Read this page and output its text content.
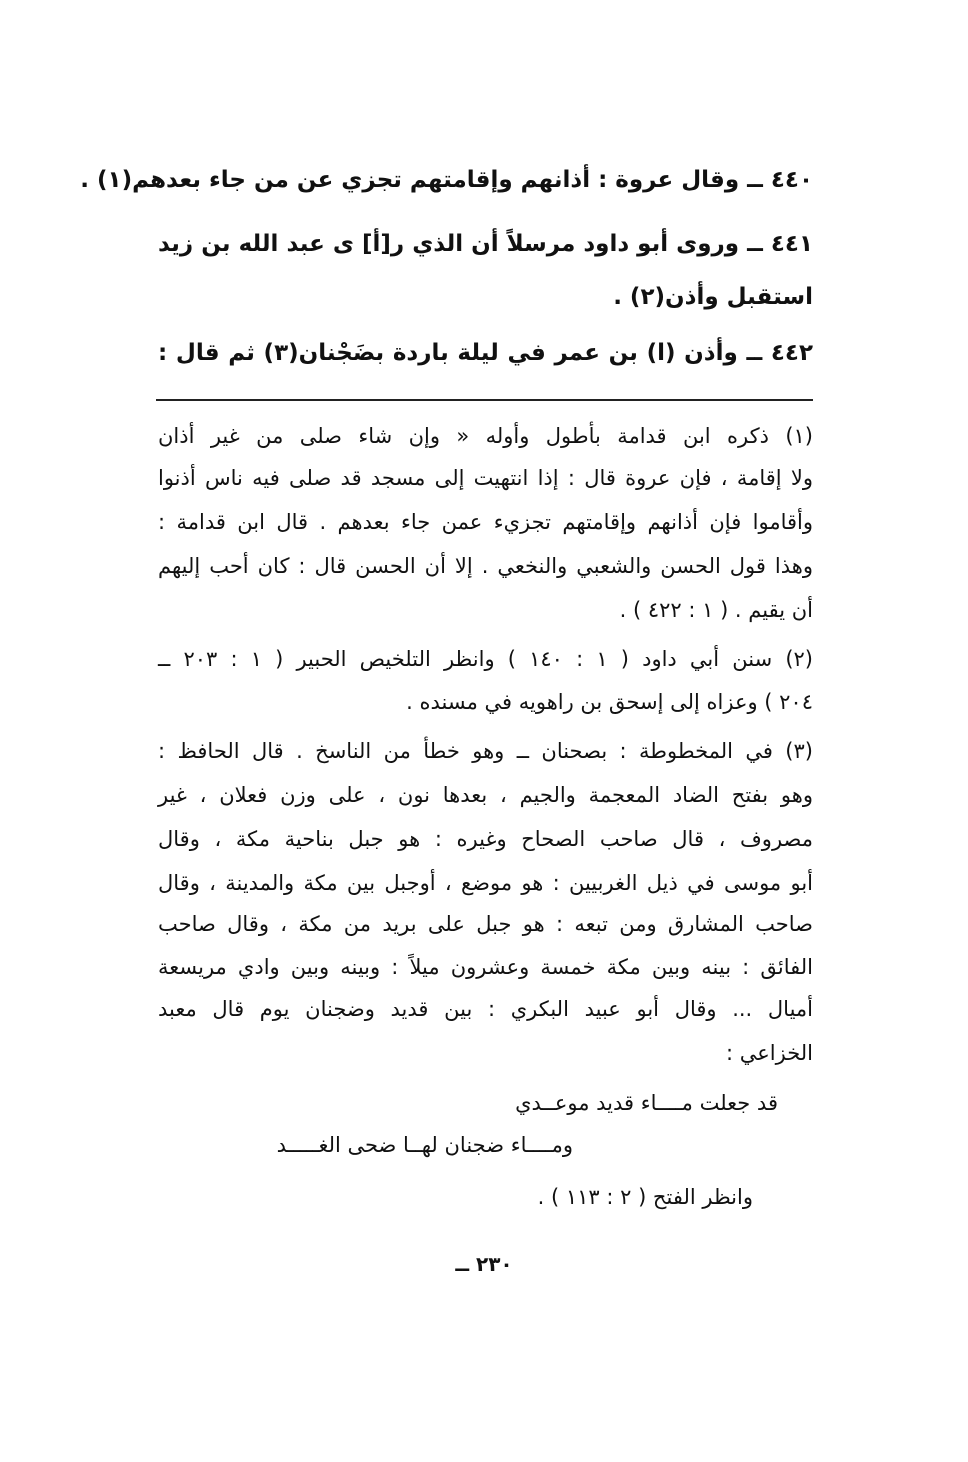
٤٤٠ ــ وقال عروة : أذانهم وإقامتهم تجزي عن من جاء بعدهم(١) .
٤٤١ ــ وروى أبو داود مرسلاً أن الذي ر[أ] ى عبد الله بن زيد
استقبل وأذن(٢) .
٤٤٢ ــ وأذن (ا) بن عمر في ليلة باردة بضَجْنان(٣) ثم قال :
(١) ذكره ابن قدامة بأطول وأوله « وإن شاء صلى من غير أذان
ولا إقامة ، فإن عروة قال : إذا انتهيت إلى مسجد قد صلى فيه ناس أذنوا
وأقاموا فإن أذانهم وإقامتهم تجزيء عمن جاء بعدهم . قال ابن قدامة :
وهذا قول الحسن والشعبي والنخعي . إلا أن الحسن قال : كان أحب إليهم
أن يقيم . ( ١ : ٤٢٢ ) .
(٢) سنن أبي داود ( ١ : ١٤٠ ) وانظر التلخيص الحبير ( ١ : ٢٠٣ ــ
٢٠٤ ) وعزاه إلى إسحق بن راهويه في مسنده .
(٣) في المخطوطة : بصحنان ــ وهو خطأ من الناسخ . قال الحافظ :
وهو بفتح الضاد المعجمة والجيم ، بعدها نون ، على وزن فعلان ، غير
مصروف ، قال صاحب الصحاح وغيره : هو جبل بناحية مكة ، وقال
أبو موسى في ذيل الغربيين : هو موضع ، أوجبل بين مكة والمدينة ، وقال
صاحب المشارق ومن تبعه : هو جبل على بريد من مكة ، وقال صاحب
الفائق : بينه وبين مكة خمسة وعشرون ميلاً : وبينه وبين وادي مريسعة
أميال ... وقال أبو عبيد البكري : بين قديد وضجنان يوم قال معبد
الخزاعي :
قد جعلت مــــاء قديد موعــدي
ومــــاء ضجنان لهــا ضحى الغـــــد
وانظر الفتح ( ٢ : ١١٣ ) .
٢٣٠ ــ
